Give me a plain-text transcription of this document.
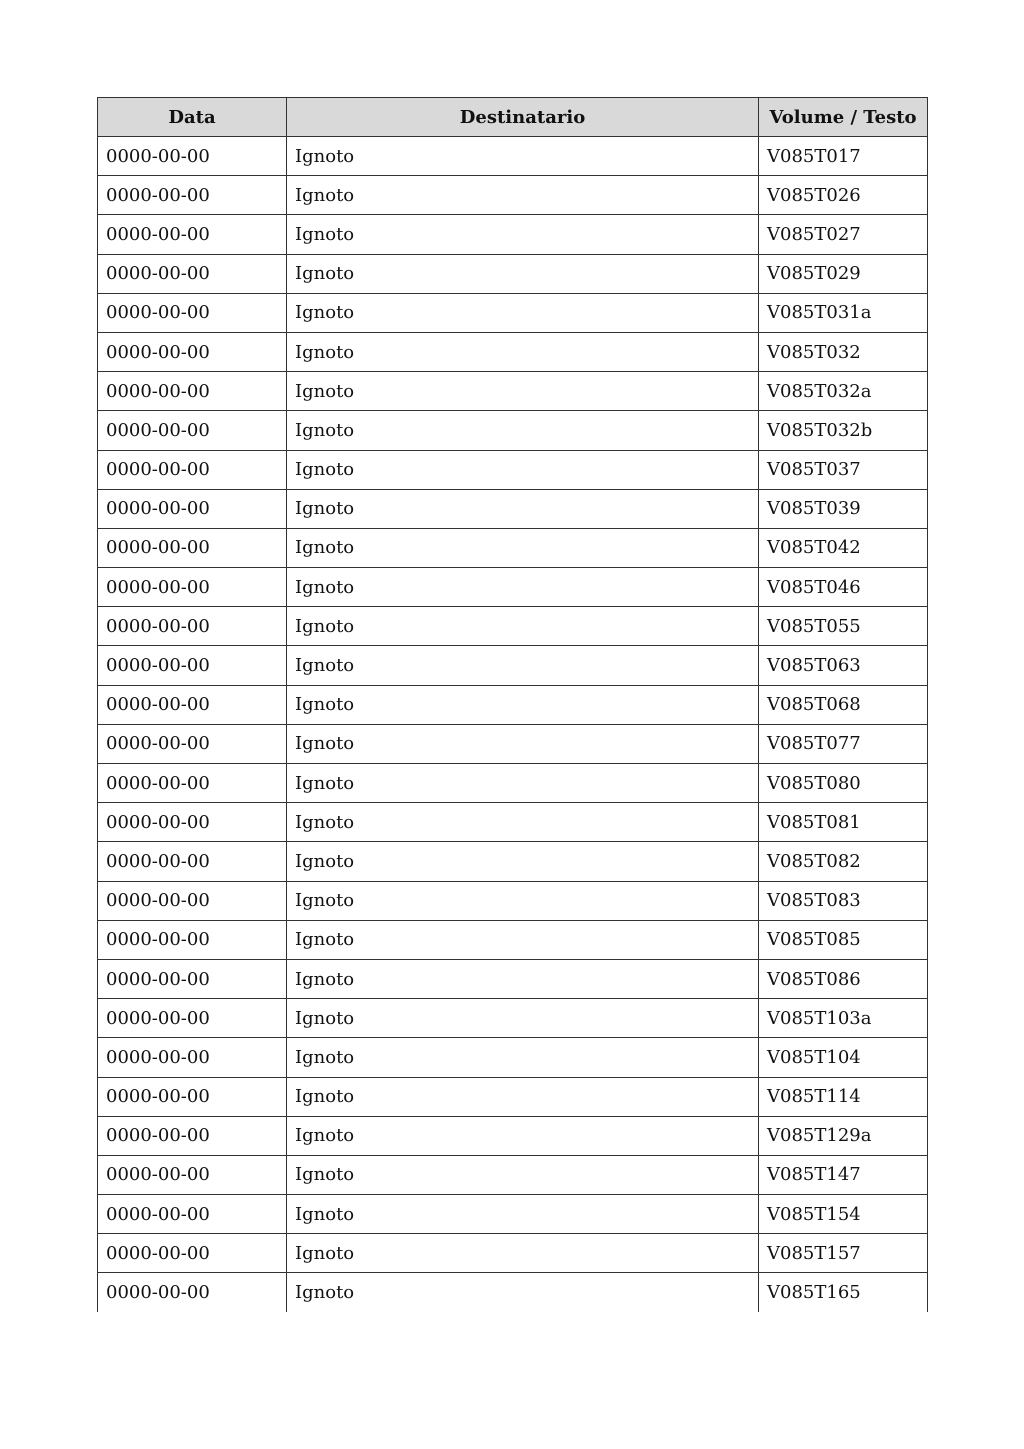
Data	Destinatario	Volume / Testo
0000-00-00	Ignoto	V085T017
0000-00-00	Ignoto	V085T026
0000-00-00	Ignoto	V085T027
0000-00-00	Ignoto	V085T029
0000-00-00	Ignoto	V085T031a
0000-00-00	Ignoto	V085T032
0000-00-00	Ignoto	V085T032a
0000-00-00	Ignoto	V085T032b
0000-00-00	Ignoto	V085T037
0000-00-00	Ignoto	V085T039
0000-00-00	Ignoto	V085T042
0000-00-00	Ignoto	V085T046
0000-00-00	Ignoto	V085T055
0000-00-00	Ignoto	V085T063
0000-00-00	Ignoto	V085T068
0000-00-00	Ignoto	V085T077
0000-00-00	Ignoto	V085T080
0000-00-00	Ignoto	V085T081
0000-00-00	Ignoto	V085T082
0000-00-00	Ignoto	V085T083
0000-00-00	Ignoto	V085T085
0000-00-00	Ignoto	V085T086
0000-00-00	Ignoto	V085T103a
0000-00-00	Ignoto	V085T104
0000-00-00	Ignoto	V085T114
0000-00-00	Ignoto	V085T129a
0000-00-00	Ignoto	V085T147
0000-00-00	Ignoto	V085T154
0000-00-00	Ignoto	V085T157
0000-00-00	Ignoto	V085T165
